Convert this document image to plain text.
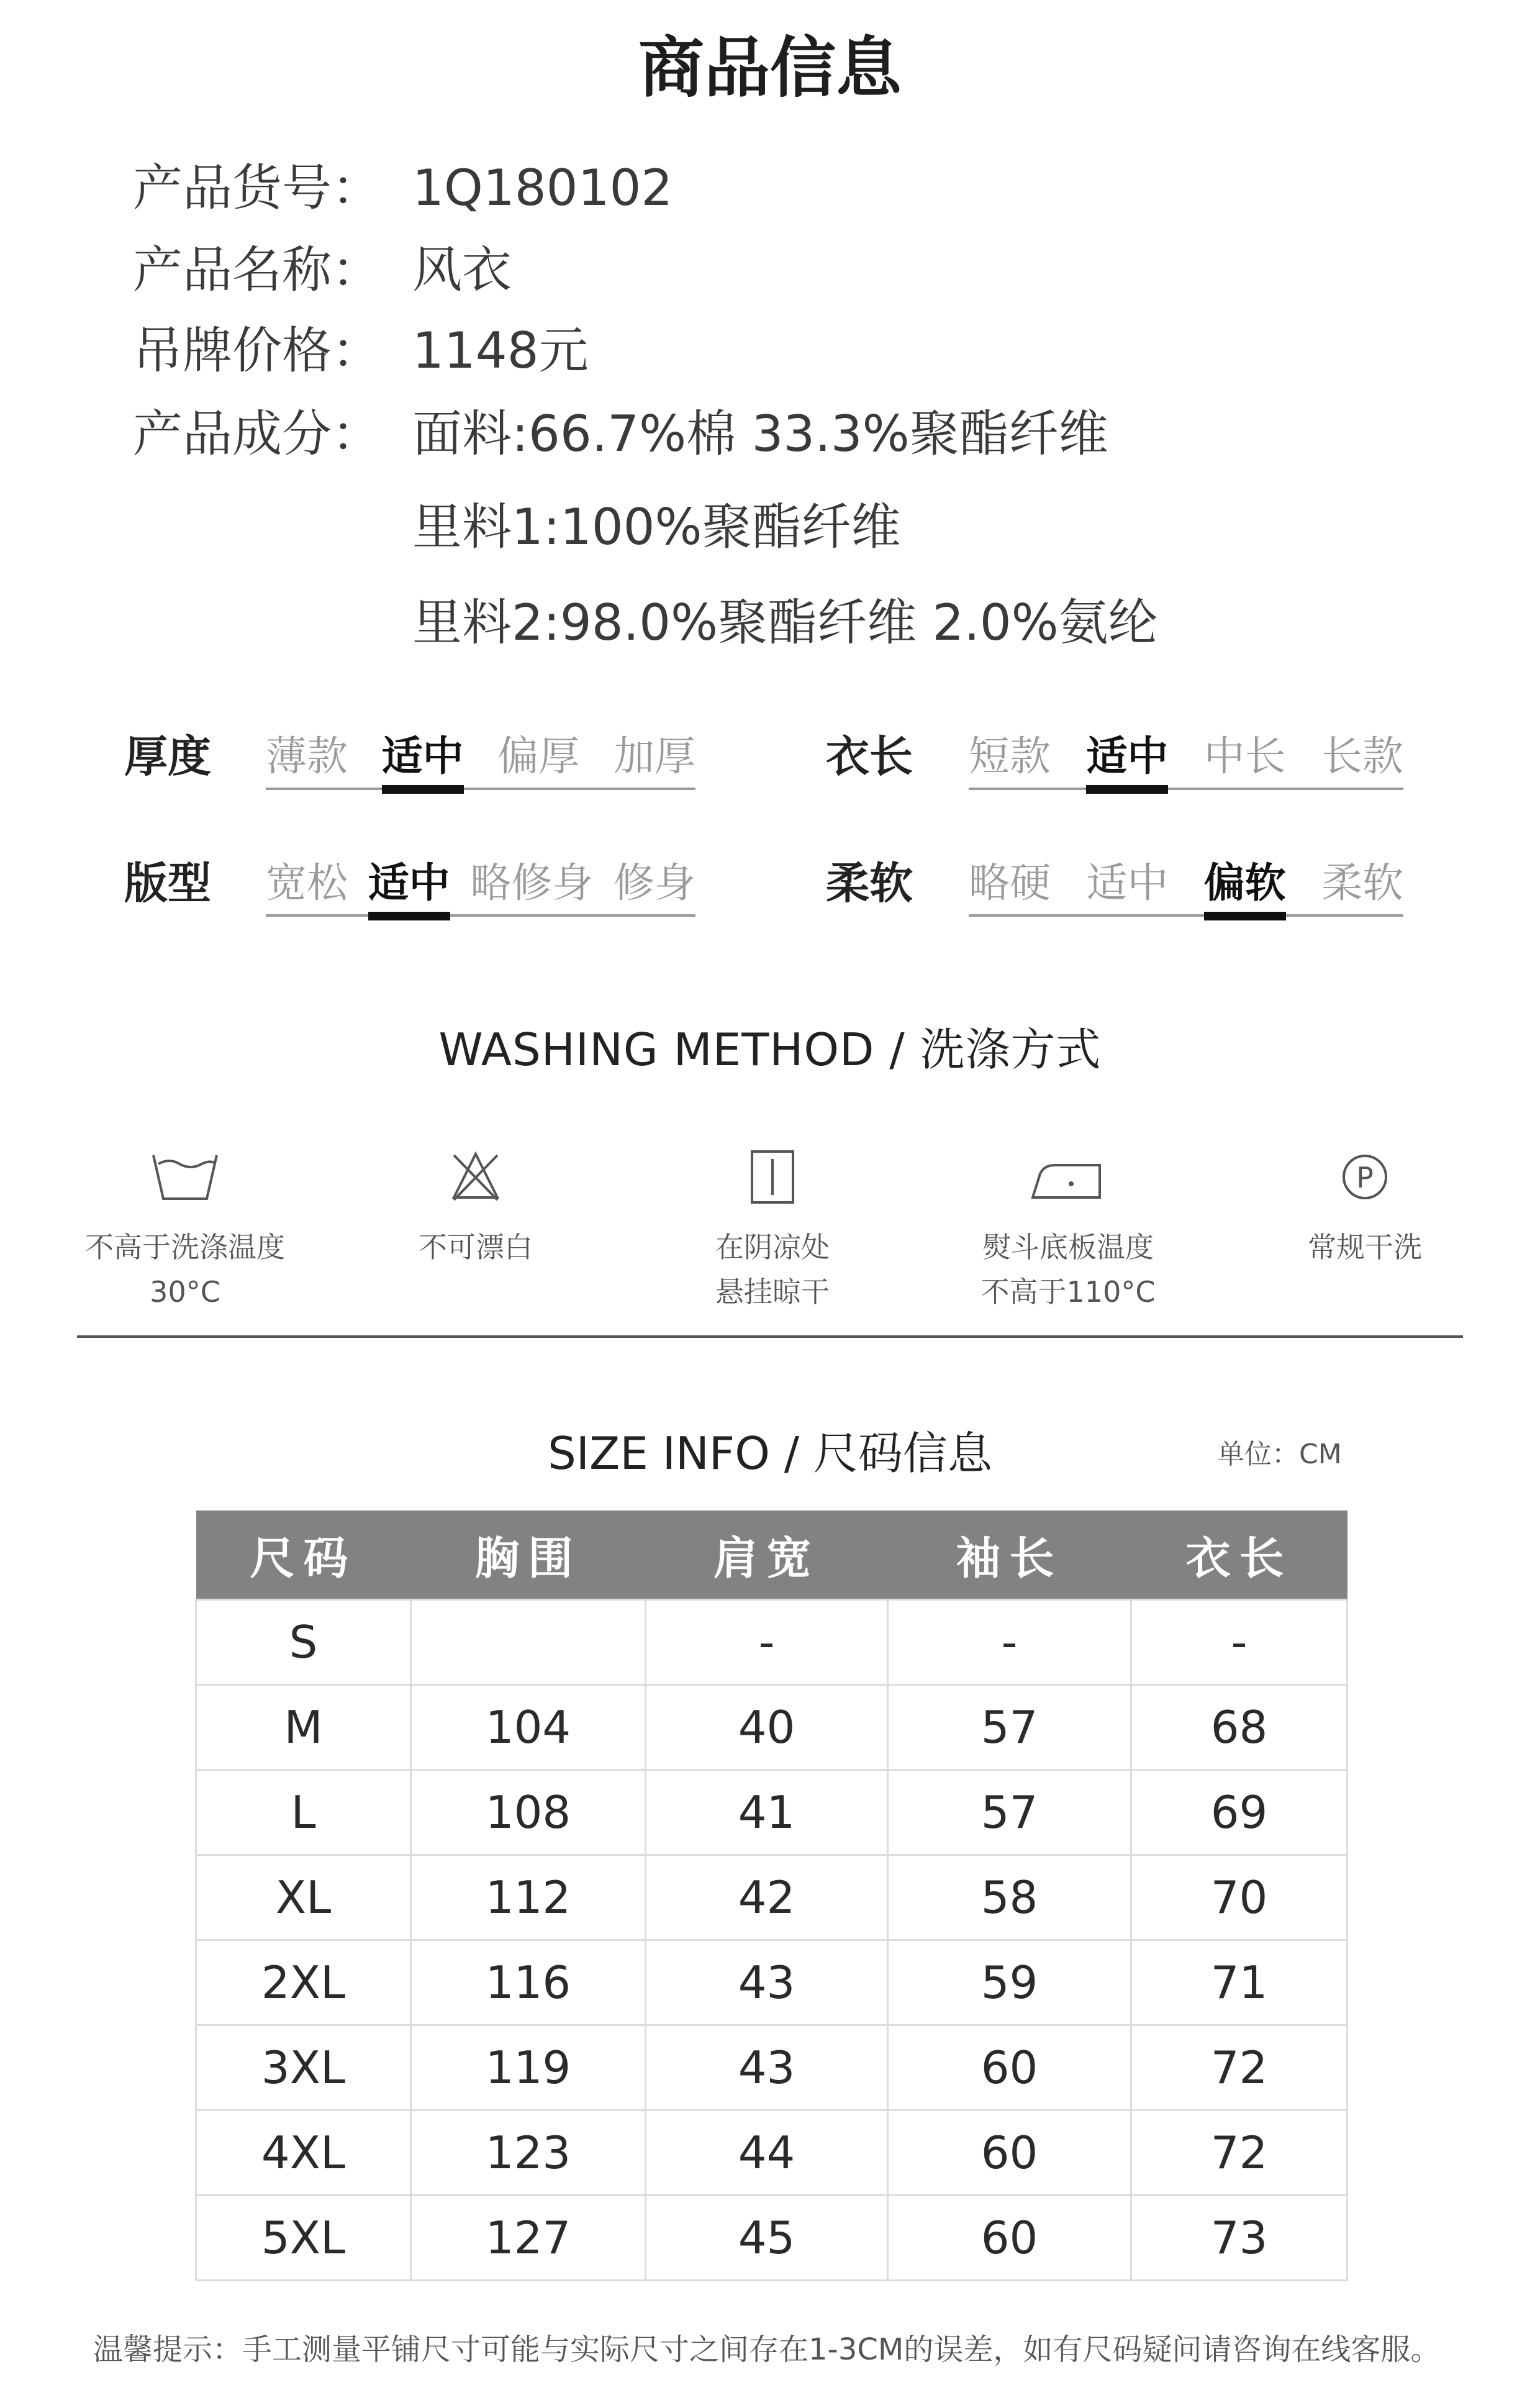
商品信息
产品货号： 1Q180102
产品名称： 风衣
吊牌价格： 1148元
产品成分： 面料:66.7%棉 33.3%聚酯纤维
里料1:100%聚酯纤维
里料2:98.0%聚酯纤维 2.0%氨纶
厚度 薄款 适中 偏厚 加厚	衣长 短款 适中 中长 长款
版型 宽松 适中 略修身 修身	柔软 略硬 适中 偏软 柔软
WASHING METHOD / 洗涤方式
不高于洗涤温度
30°C
不可漂白	在阴凉处
悬挂晾干
熨斗底板温度
不高于110°C
P
常规干洗
SIZE INFO / 尺码信息	单位：CM
尺码	胸围	肩宽	袖长	衣长
S		-	-	-
M	104	40	57	68
L	108	41	57	69
XL	112	42	58	70
2XL	116	43	59	71
3XL	119	43	60	72
4XL	123	44	60	72
5XL	127	45	60	73
温馨提示：手工测量平铺尺寸可能与实际尺寸之间存在1-3CM的误差，如有尺码疑问请咨询在线客服。
